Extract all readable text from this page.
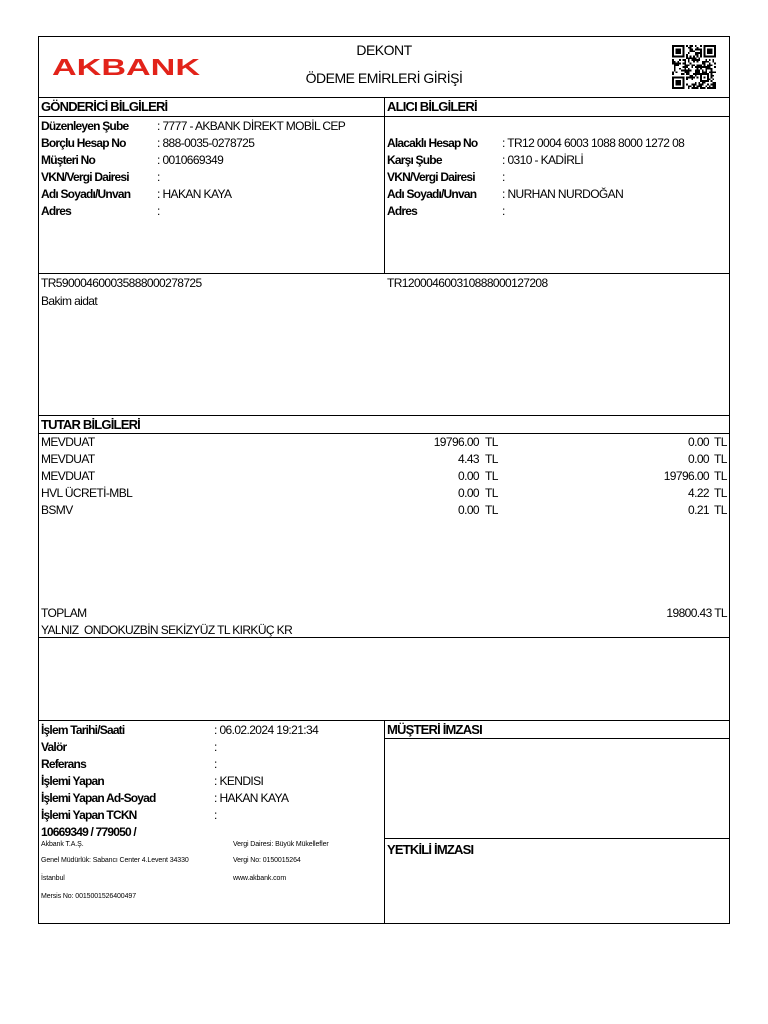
AKBANK
DEKONT
ÖDEME EMİRLERİ GİRİŞİ
GÖNDERİCİ BİLGİLERİ
Düzenleyen Şube : 7777 - AKBANK DİREKT MOBİL CEP
Borçlu Hesap No	: 888-0035-0278725
Müşteri No	: 0010669349
VKN/Vergi Dairesi :
Adı Soyadı/Unvan : HAKAN KAYA
Adres	:
ALICI BİLGİLERİ
Alacaklı Hesap No : TR12 0004 6003 1088 8000 1272 08
Karşı Şube	: 0310 - KADİRLİ
VKN/Vergi Dairesi :
Adı Soyadı/Unvan : NURHAN NURDOĞAN
Adres	:
TR590004600035888000278725	TR120004600310888000127208
Bakim aidat
TUTAR BİLGİLERİ
MEVDUAT	19796.00 TL	0.00 TL
MEVDUAT	4.43 TL	0.00 TL
MEVDUAT	0.00 TL	19796.00 TL
HVL ÜCRETİ-MBL	0.00 TL	4.22 TL
BSMV	0.00 TL	0.21 TL
TOPLAM	19800.43 TL
YALNIZ  ONDOKUZBİN SEKİZYÜZ TL KIRKÜÇ KR
İşlem Tarihi/Saati	: 06.02.2024 19:21:34
Valör	:
Referans	:
İşlemi Yapan	: KENDISI
İşlemi Yapan Ad-Soyad	: HAKAN KAYA
İşlemi Yapan TCKN	:
10669349 / 779050 /
Akbank T.A.Ş.
Genel Müdürlük: Sabancı Center 4.Levent 34330
İstanbul
Mersis No: 0015001526400497
Vergi Dairesi: Büyük Mükellefler
Vergi No: 0150015264
www.akbank.com
MÜŞTERİ İMZASI
YETKİLİ İMZASI
